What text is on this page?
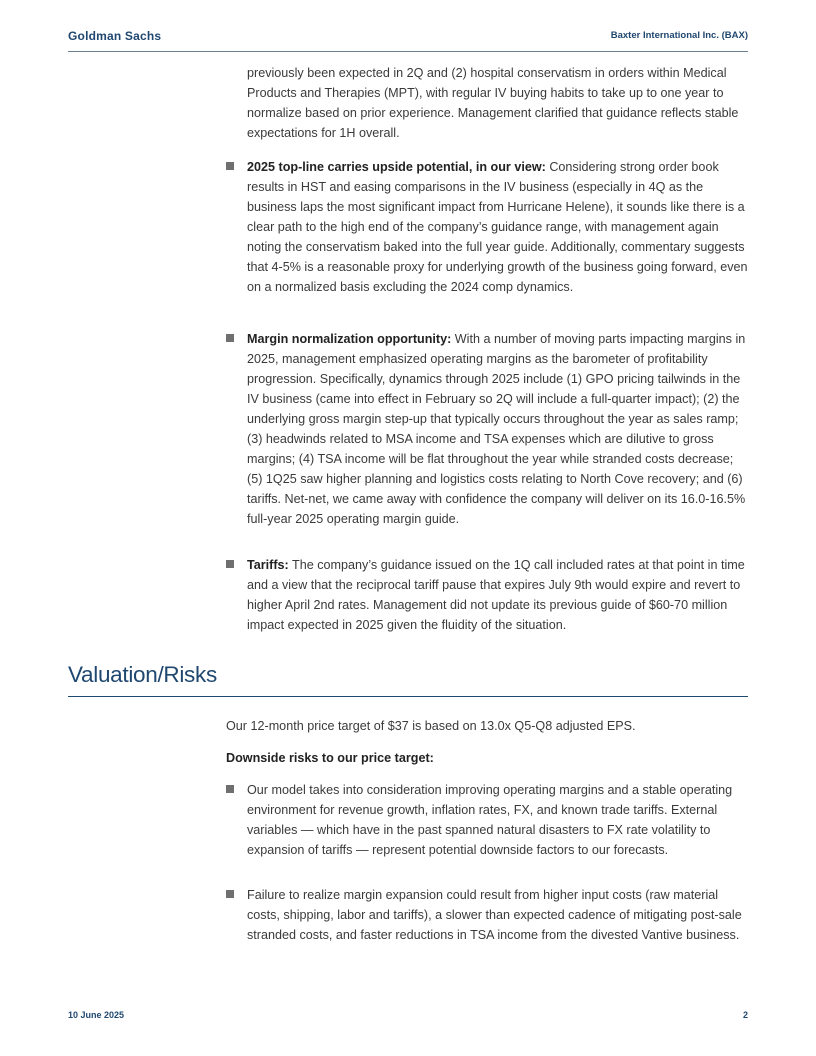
Goldman Sachs	Baxter International Inc. (BAX)
previously been expected in 2Q and (2) hospital conservatism in orders within Medical Products and Therapies (MPT), with regular IV buying habits to take up to one year to normalize based on prior experience. Management clarified that guidance reflects stable expectations for 1H overall.
2025 top-line carries upside potential, in our view: Considering strong order book results in HST and easing comparisons in the IV business (especially in 4Q as the business laps the most significant impact from Hurricane Helene), it sounds like there is a clear path to the high end of the company’s guidance range, with management again noting the conservatism baked into the full year guide. Additionally, commentary suggests that 4-5% is a reasonable proxy for underlying growth of the business going forward, even on a normalized basis excluding the 2024 comp dynamics.
Margin normalization opportunity: With a number of moving parts impacting margins in 2025, management emphasized operating margins as the barometer of profitability progression. Specifically, dynamics through 2025 include (1) GPO pricing tailwinds in the IV business (came into effect in February so 2Q will include a full-quarter impact); (2) the underlying gross margin step-up that typically occurs throughout the year as sales ramp; (3) headwinds related to MSA income and TSA expenses which are dilutive to gross margins; (4) TSA income will be flat throughout the year while stranded costs decrease; (5) 1Q25 saw higher planning and logistics costs relating to North Cove recovery; and (6) tariffs. Net-net, we came away with confidence the company will deliver on its 16.0-16.5% full-year 2025 operating margin guide.
Tariffs: The company’s guidance issued on the 1Q call included rates at that point in time and a view that the reciprocal tariff pause that expires July 9th would expire and revert to higher April 2nd rates. Management did not update its previous guide of $60-70 million impact expected in 2025 given the fluidity of the situation.
Valuation/Risks
Our 12-month price target of $37 is based on 13.0x Q5-Q8 adjusted EPS.
Downside risks to our price target:
Our model takes into consideration improving operating margins and a stable operating environment for revenue growth, inflation rates, FX, and known trade tariffs. External variables — which have in the past spanned natural disasters to FX rate volatility to expansion of tariffs — represent potential downside factors to our forecasts.
Failure to realize margin expansion could result from higher input costs (raw material costs, shipping, labor and tariffs), a slower than expected cadence of mitigating post-sale stranded costs, and faster reductions in TSA income from the divested Vantive business.
10 June 2025	2
